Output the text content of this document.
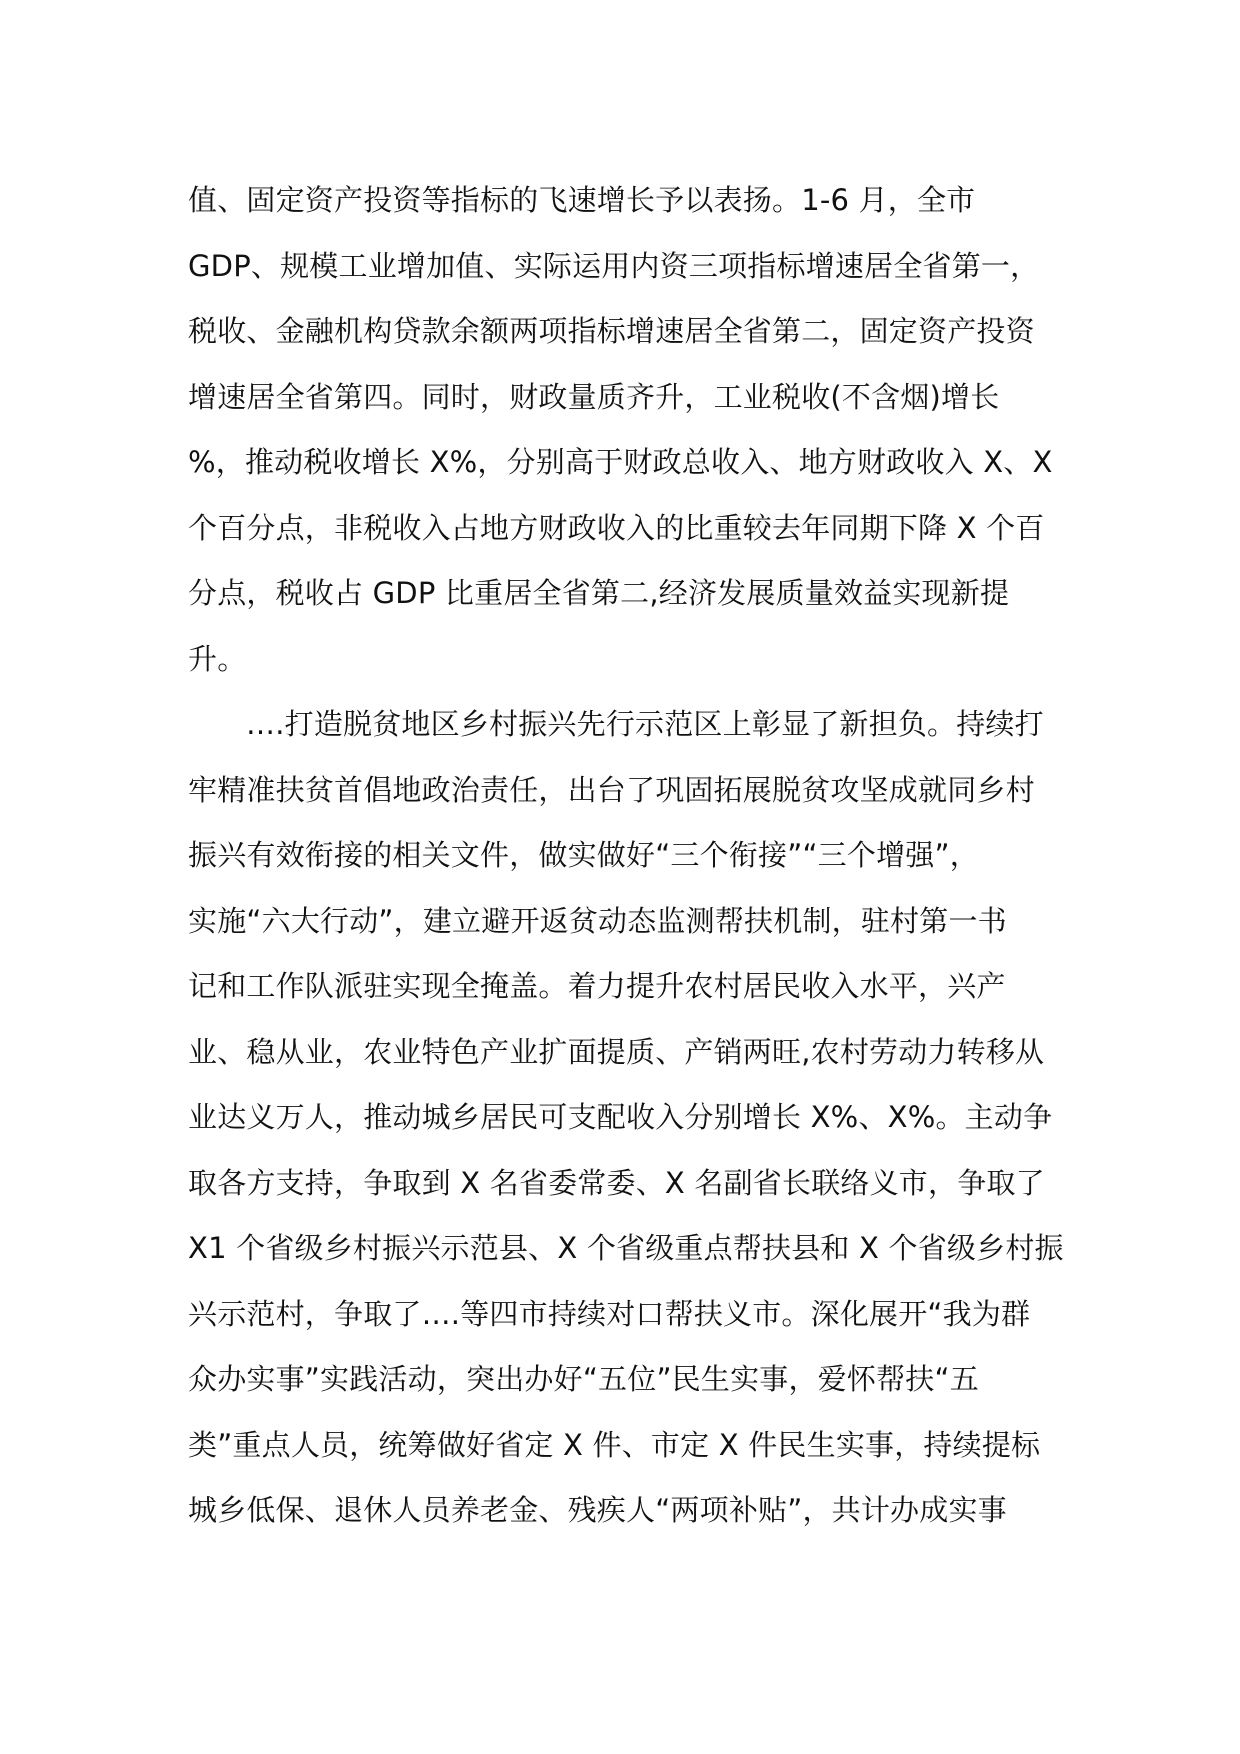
值、固定资产投资等指标的飞速增长予以表扬。1-6 月，全市
GDP、规模工业增加值、实际运用内资三项指标增速居全省第一，
税收、金融机构贷款余额两项指标增速居全省第二，固定资产投资
增速居全省第四。同时，财政量质齐升，工业税收(不含烟)增长
%，推动税收增长 X%，分别高于财政总收入、地方财政收入 X、X
个百分点，非税收入占地方财政收入的比重较去年同期下降 X 个百
分点，税收占 GDP 比重居全省第二,经济发展质量效益实现新提
升。
….打造脱贫地区乡村振兴先行示范区上彰显了新担负。持续打
牢精准扶贫首倡地政治责任，出台了巩固拓展脱贫攻坚成就同乡村
振兴有效衔接的相关文件，做实做好“三个衔接”“三个增强”，
实施“六大行动”，建立避开返贫动态监测帮扶机制，驻村第一书
记和工作队派驻实现全掩盖。着力提升农村居民收入水平，兴产
业、稳从业，农业特色产业扩面提质、产销两旺,农村劳动力转移从
业达义万人，推动城乡居民可支配收入分别增长 X%、X%。主动争
取各方支持，争取到 X 名省委常委、X 名副省长联络义市，争取了
X1 个省级乡村振兴示范县、X 个省级重点帮扶县和 X 个省级乡村振
兴示范村，争取了….等四市持续对口帮扶义市。深化展开“我为群
众办实事”实践活动，突出办好“五位”民生实事，爱怀帮扶“五
类”重点人员，统筹做好省定 X 件、市定 X 件民生实事，持续提标
城乡低保、退休人员养老金、残疾人“两项补贴”，共计办成实事
